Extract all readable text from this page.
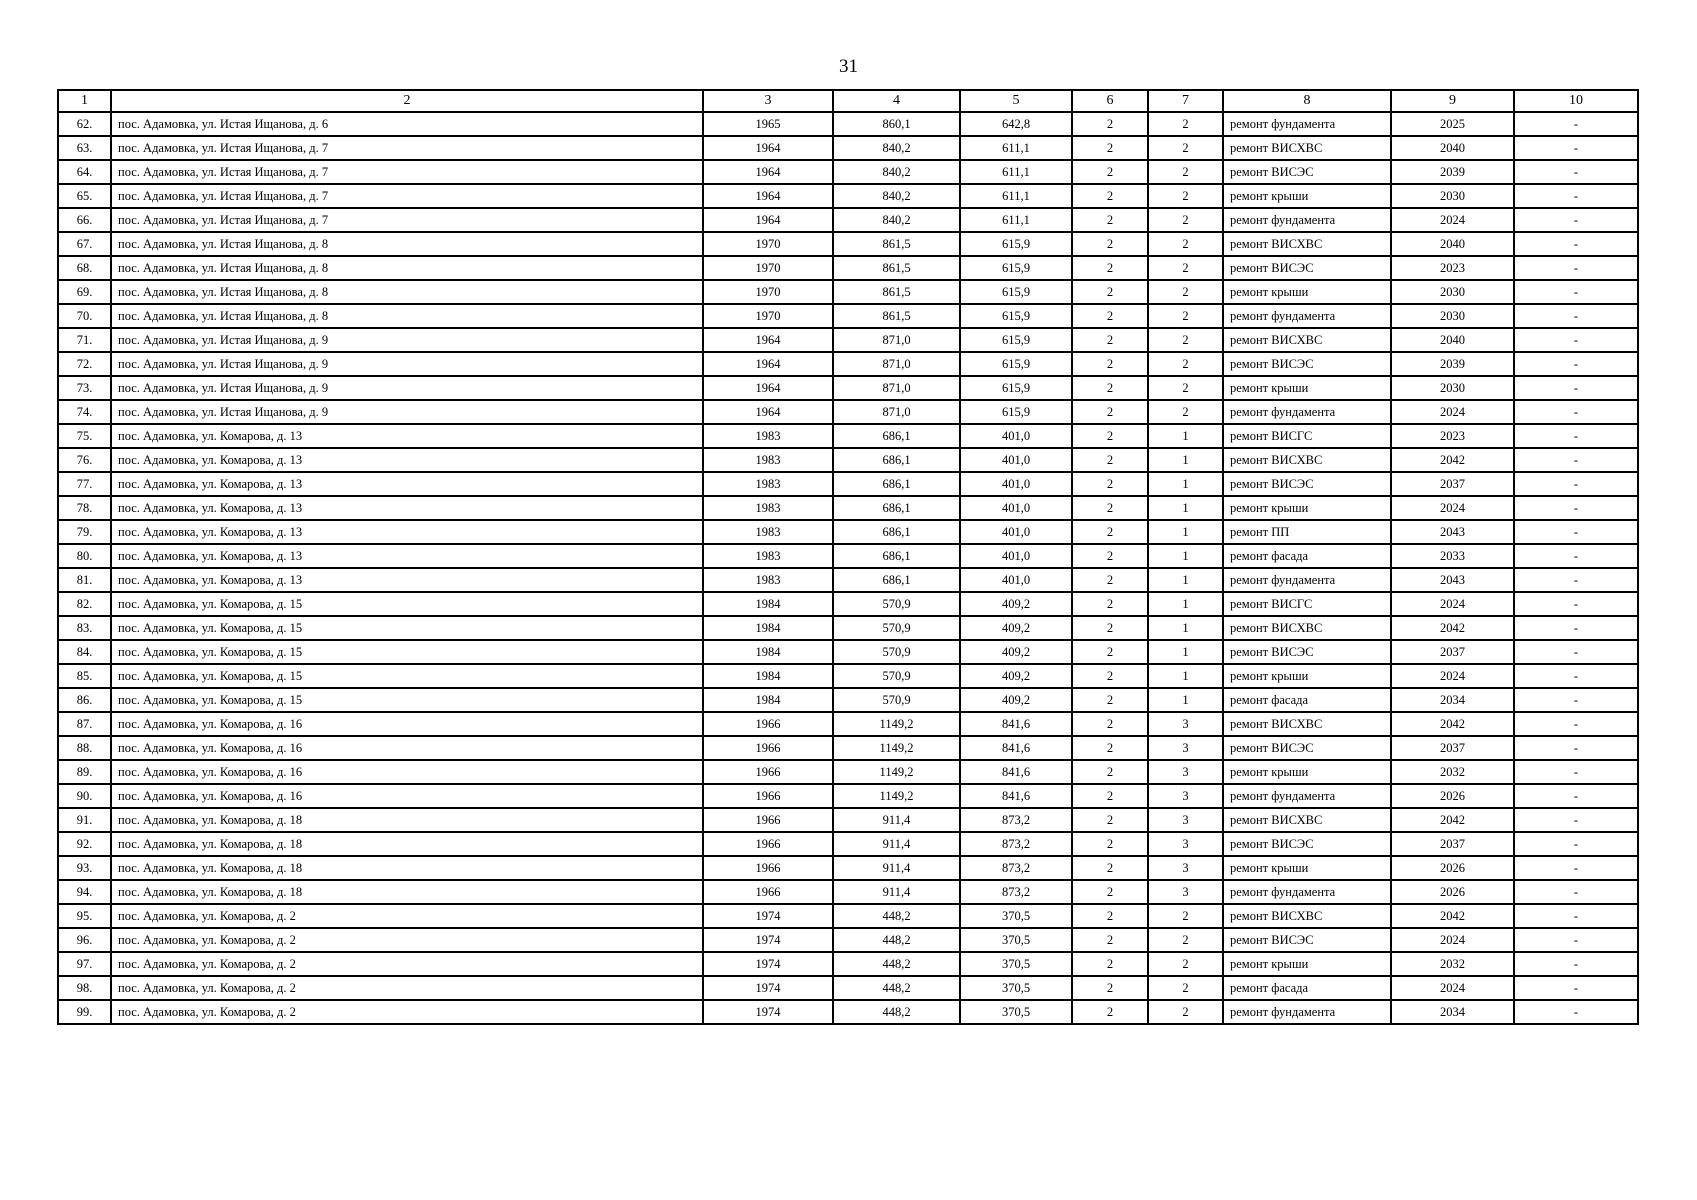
31
1	2	3	4	5	6	7	8	9	10
62.	пос. Адамовка, ул. Истая Ищанова, д. 6	1965	860,1	642,8	2	2	ремонт фундамента	2025	-
63.	пос. Адамовка, ул. Истая Ищанова, д. 7	1964	840,2	611,1	2	2	ремонт ВИСХВС	2040	-
64.	пос. Адамовка, ул. Истая Ищанова, д. 7	1964	840,2	611,1	2	2	ремонт ВИСЭС	2039	-
65.	пос. Адамовка, ул. Истая Ищанова, д. 7	1964	840,2	611,1	2	2	ремонт крыши	2030	-
66.	пос. Адамовка, ул. Истая Ищанова, д. 7	1964	840,2	611,1	2	2	ремонт фундамента	2024	-
67.	пос. Адамовка, ул. Истая Ищанова, д. 8	1970	861,5	615,9	2	2	ремонт ВИСХВС	2040	-
68.	пос. Адамовка, ул. Истая Ищанова, д. 8	1970	861,5	615,9	2	2	ремонт ВИСЭС	2023	-
69.	пос. Адамовка, ул. Истая Ищанова, д. 8	1970	861,5	615,9	2	2	ремонт крыши	2030	-
70.	пос. Адамовка, ул. Истая Ищанова, д. 8	1970	861,5	615,9	2	2	ремонт фундамента	2030	-
71.	пос. Адамовка, ул. Истая Ищанова, д. 9	1964	871,0	615,9	2	2	ремонт ВИСХВС	2040	-
72.	пос. Адамовка, ул. Истая Ищанова, д. 9	1964	871,0	615,9	2	2	ремонт ВИСЭС	2039	-
73.	пос. Адамовка, ул. Истая Ищанова, д. 9	1964	871,0	615,9	2	2	ремонт крыши	2030	-
74.	пос. Адамовка, ул. Истая Ищанова, д. 9	1964	871,0	615,9	2	2	ремонт фундамента	2024	-
75.	пос. Адамовка, ул. Комарова, д. 13	1983	686,1	401,0	2	1	ремонт ВИСГС	2023	-
76.	пос. Адамовка, ул. Комарова, д. 13	1983	686,1	401,0	2	1	ремонт ВИСХВС	2042	-
77.	пос. Адамовка, ул. Комарова, д. 13	1983	686,1	401,0	2	1	ремонт ВИСЭС	2037	-
78.	пос. Адамовка, ул. Комарова, д. 13	1983	686,1	401,0	2	1	ремонт крыши	2024	-
79.	пос. Адамовка, ул. Комарова, д. 13	1983	686,1	401,0	2	1	ремонт ПП	2043	-
80.	пос. Адамовка, ул. Комарова, д. 13	1983	686,1	401,0	2	1	ремонт фасада	2033	-
81.	пос. Адамовка, ул. Комарова, д. 13	1983	686,1	401,0	2	1	ремонт фундамента	2043	-
82.	пос. Адамовка, ул. Комарова, д. 15	1984	570,9	409,2	2	1	ремонт ВИСГС	2024	-
83.	пос. Адамовка, ул. Комарова, д. 15	1984	570,9	409,2	2	1	ремонт ВИСХВС	2042	-
84.	пос. Адамовка, ул. Комарова, д. 15	1984	570,9	409,2	2	1	ремонт ВИСЭС	2037	-
85.	пос. Адамовка, ул. Комарова, д. 15	1984	570,9	409,2	2	1	ремонт крыши	2024	-
86.	пос. Адамовка, ул. Комарова, д. 15	1984	570,9	409,2	2	1	ремонт фасада	2034	-
87.	пос. Адамовка, ул. Комарова, д. 16	1966	1149,2	841,6	2	3	ремонт ВИСХВС	2042	-
88.	пос. Адамовка, ул. Комарова, д. 16	1966	1149,2	841,6	2	3	ремонт ВИСЭС	2037	-
89.	пос. Адамовка, ул. Комарова, д. 16	1966	1149,2	841,6	2	3	ремонт крыши	2032	-
90.	пос. Адамовка, ул. Комарова, д. 16	1966	1149,2	841,6	2	3	ремонт фундамента	2026	-
91.	пос. Адамовка, ул. Комарова, д. 18	1966	911,4	873,2	2	3	ремонт ВИСХВС	2042	-
92.	пос. Адамовка, ул. Комарова, д. 18	1966	911,4	873,2	2	3	ремонт ВИСЭС	2037	-
93.	пос. Адамовка, ул. Комарова, д. 18	1966	911,4	873,2	2	3	ремонт крыши	2026	-
94.	пос. Адамовка, ул. Комарова, д. 18	1966	911,4	873,2	2	3	ремонт фундамента	2026	-
95.	пос. Адамовка, ул. Комарова, д. 2	1974	448,2	370,5	2	2	ремонт ВИСХВС	2042	-
96.	пос. Адамовка, ул. Комарова, д. 2	1974	448,2	370,5	2	2	ремонт ВИСЭС	2024	-
97.	пос. Адамовка, ул. Комарова, д. 2	1974	448,2	370,5	2	2	ремонт крыши	2032	-
98.	пос. Адамовка, ул. Комарова, д. 2	1974	448,2	370,5	2	2	ремонт фасада	2024	-
99.	пос. Адамовка, ул. Комарова, д. 2	1974	448,2	370,5	2	2	ремонт фундамента	2034	-
